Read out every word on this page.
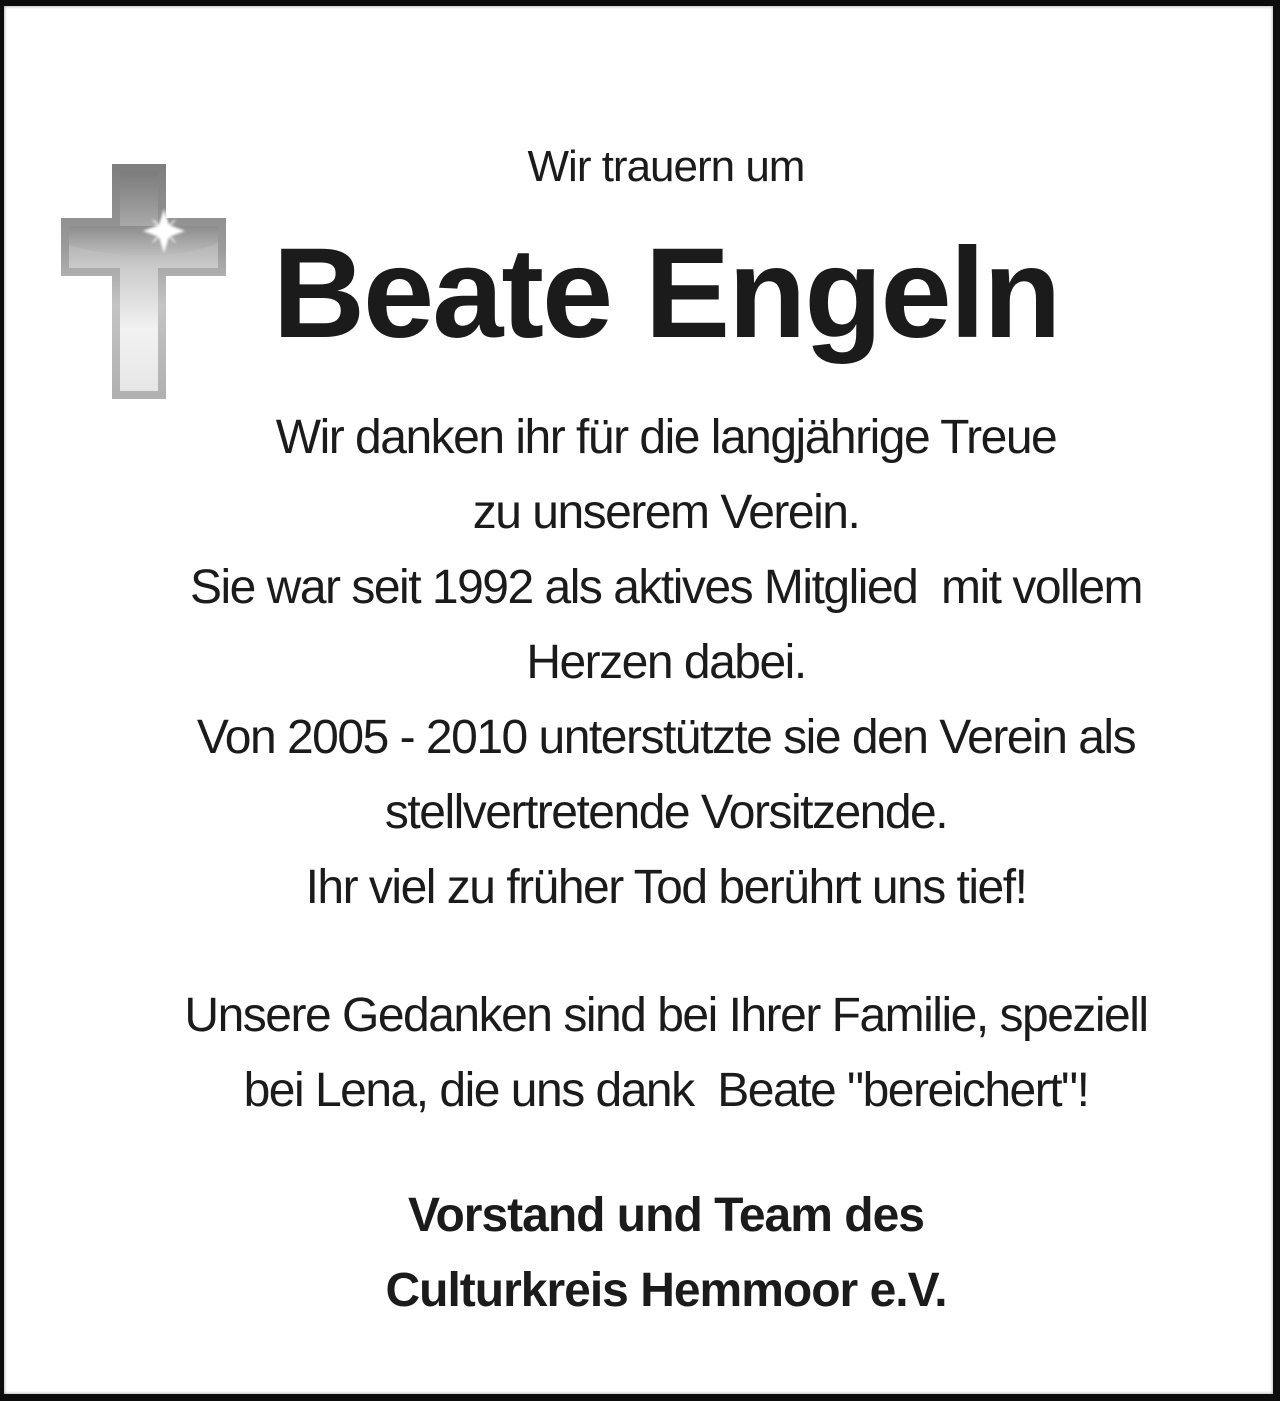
Wir trauern um
Beate Engeln
Wir danken ihr für die langjährige Treue
zu unserem Verein.
Sie war seit 1992 als aktives Mitglied  mit vollem
Herzen dabei.
Von 2005 - 2010 unterstützte sie den Verein als
stellvertretende Vorsitzende.
Ihr viel zu früher Tod berührt uns tief!
Unsere Gedanken sind bei Ihrer Familie, speziell
bei Lena, die uns dank  Beate "bereichert"!
Vorstand und Team des
Culturkreis Hemmoor e.V.
